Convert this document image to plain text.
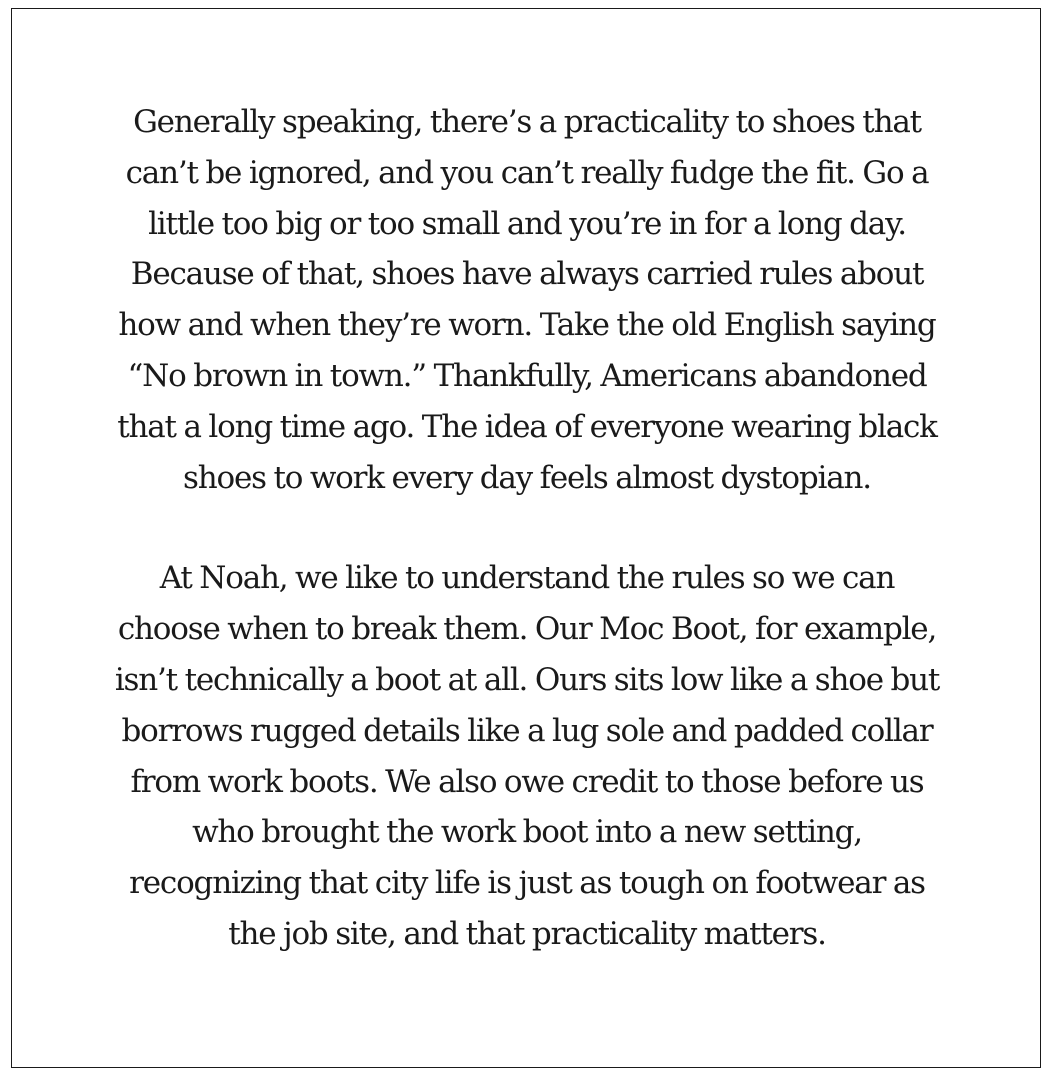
Generally speaking, there’s a practicality to shoes that
can’t be ignored, and you can’t really fudge the fit. Go a
little too big or too small and you’re in for a long day.
Because of that, shoes have always carried rules about
how and when they’re worn. Take the old English saying
“No brown in town.” Thankfully, Americans abandoned
that a long time ago. The idea of everyone wearing black
shoes to work every day feels almost dystopian.

At Noah, we like to understand the rules so we can
choose when to break them. Our Moc Boot, for example,
isn’t technically a boot at all. Ours sits low like a shoe but
borrows rugged details like a lug sole and padded collar
from work boots. We also owe credit to those before us
who brought the work boot into a new setting,
recognizing that city life is just as tough on footwear as
the job site, and that practicality matters.
